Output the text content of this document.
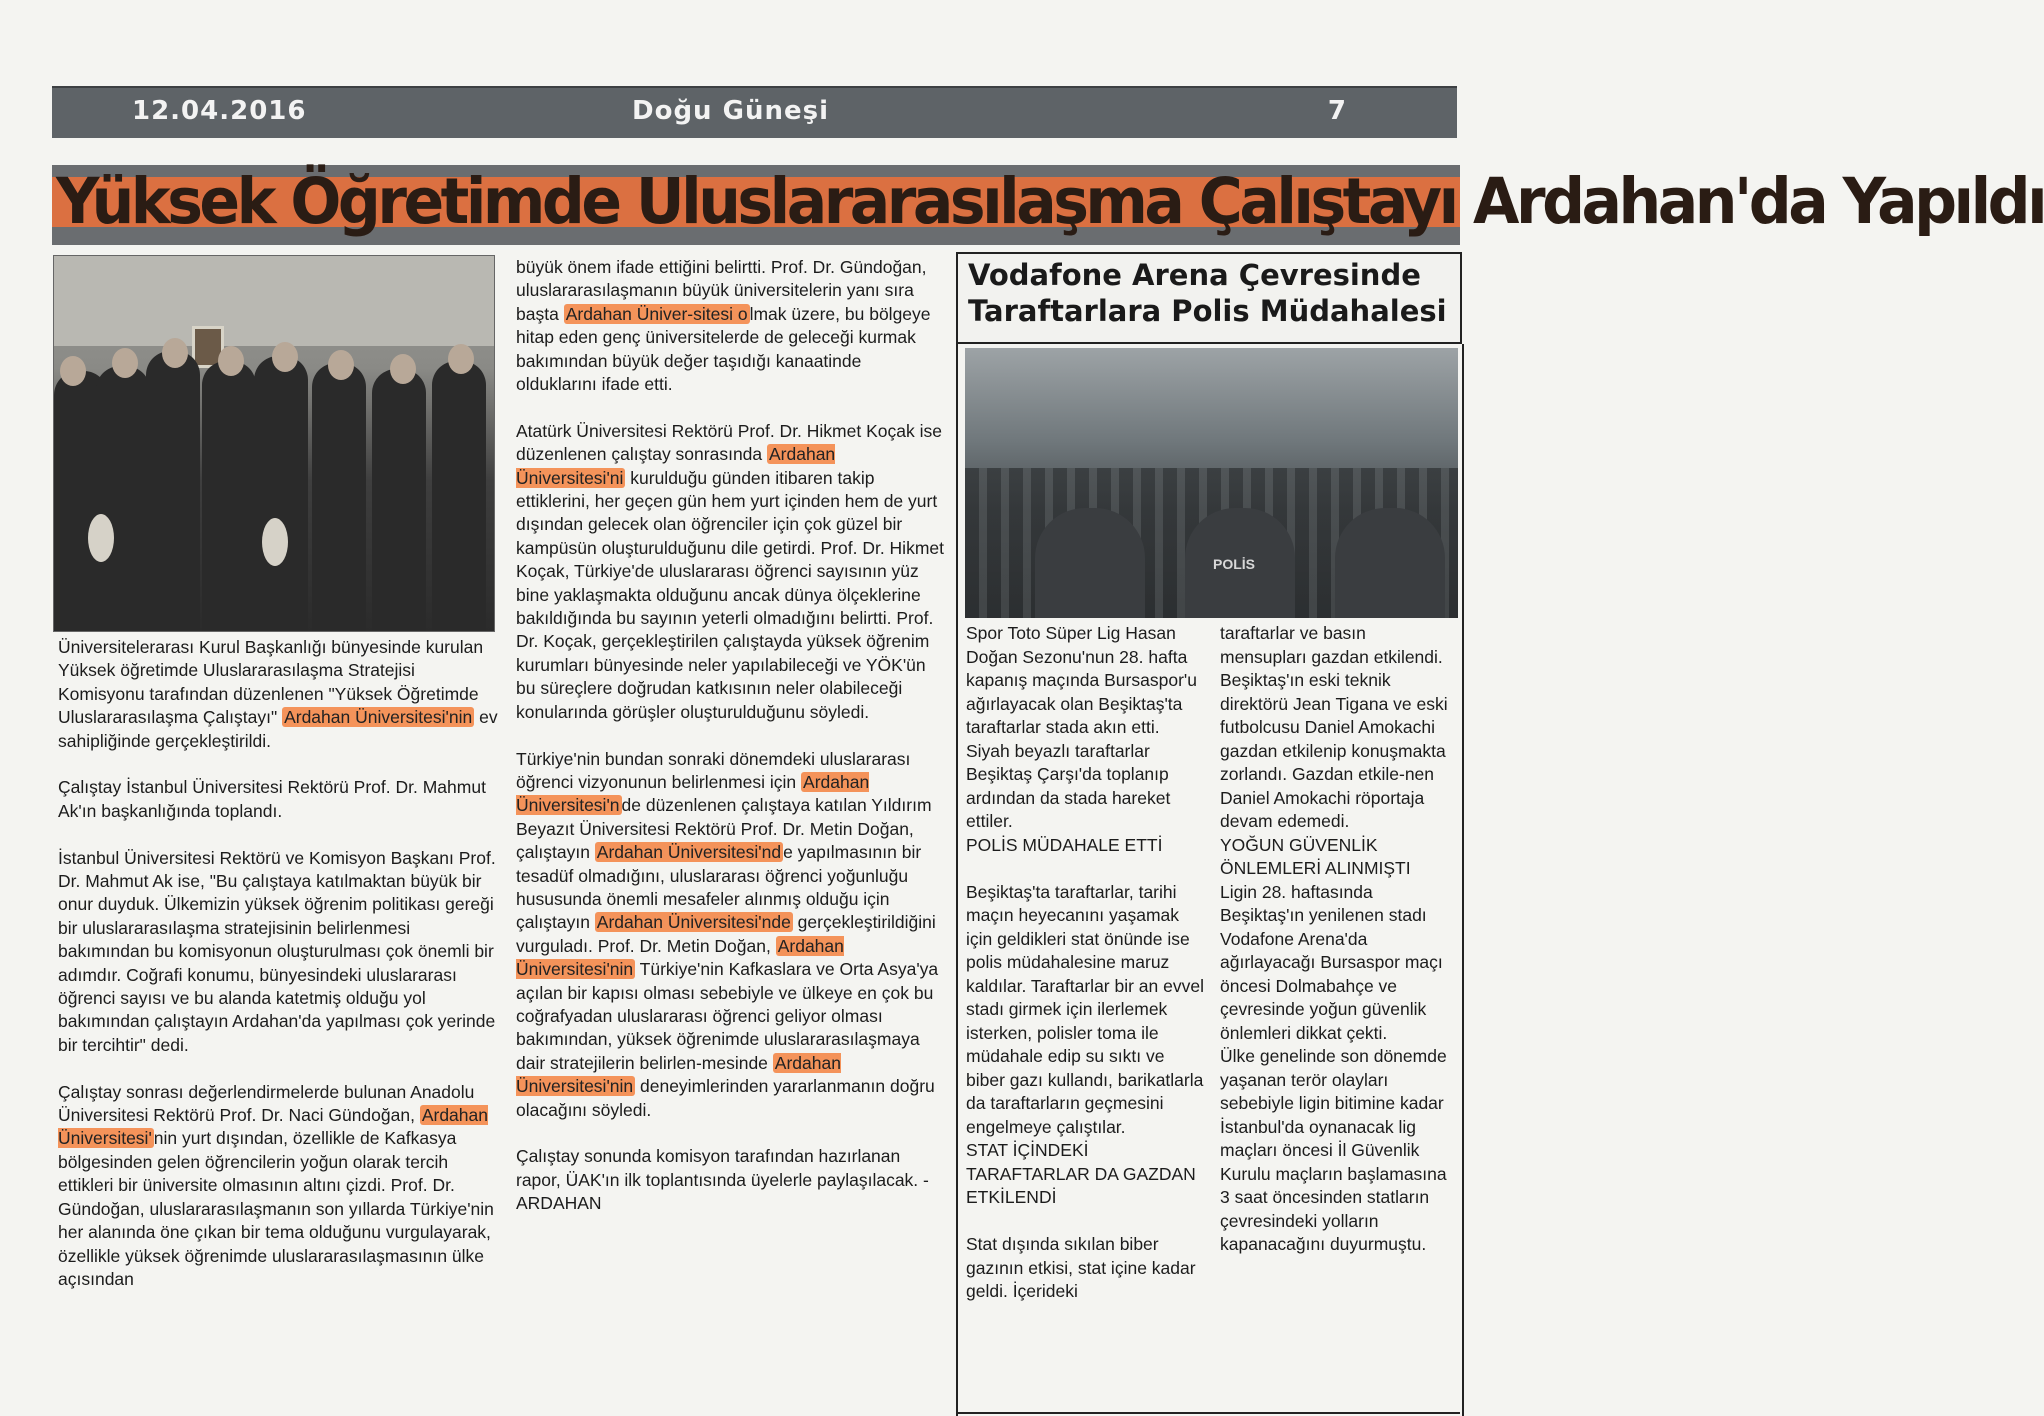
12.04.2016	Doğu Güneşi	7
Yüksek Öğretimde Uluslararasılaşma Çalıştayı Ardahan'da Yapıldı

Üniversitelerarası Kurul Başkanlığı bünyesinde kurulan Yüksek öğretimde Uluslararasılaşma Stratejisi Komisyonu tarafından düzenlenen "Yüksek Öğretimde Uluslararasılaşma Çalıştayı" Ardahan Üniversitesi'nin ev sahipliğinde gerçekleştirildi.

Çalıştay İstanbul Üniversitesi Rektörü Prof. Dr. Mahmut Ak'ın başkanlığında toplandı.

İstanbul Üniversitesi Rektörü ve Komisyon Başkanı Prof. Dr. Mahmut Ak ise, "Bu çalıştaya katılmaktan büyük bir onur duyduk. Ülkemizin yüksek öğrenim politikası gereği bir uluslararasılaşma stratejisinin belirlenmesi bakımından bu komisyonun oluşturulması çok önemli bir adımdır. Coğrafi konumu, bünyesindeki uluslararası öğrenci sayısı ve bu alanda katetmiş olduğu yol bakımından çalıştayın Ardahan'da yapılması çok yerinde bir tercihtir" dedi.

Çalıştay sonrası değerlendirmelerde bulunan Anadolu Üniversitesi Rektörü Prof. Dr. Naci Gündoğan, Ardahan Üniversitesi' nin yurt dışından, özellikle de Kafkasya bölgesinden gelen öğrencilerin yoğun olarak tercih ettikleri bir üniversite olmasının altını çizdi. Prof. Dr. Gündoğan, uluslararasılaşmanın son yıllarda Türkiye'nin her alanında öne çıkan bir tema olduğunu vurgulayarak, özellikle yüksek öğrenimde uluslararasılaşmasının ülke açısından

büyük önem ifade ettiğini belirtti. Prof. Dr. Gündoğan, uluslararasılaşmanın büyük üniversitelerin yanı sıra başta Ardahan Üniver-sitesi o lmak üzere, bu bölgeye hitap eden genç üniversitelerde de geleceği kurmak bakımından büyük değer taşıdığı kanaatinde olduklarını ifade etti.

Atatürk Üniversitesi Rektörü Prof. Dr. Hikmet Koçak ise düzenlenen çalıştay sonrasında Ardahan Üniversitesi'ni kurulduğu günden itibaren takip ettiklerini, her geçen gün hem yurt içinden hem de yurt dışından gelecek olan öğrenciler için çok güzel bir kampüsün oluşturulduğunu dile getirdi. Prof. Dr. Hikmet Koçak, Türkiye'de uluslararası öğrenci sayısının yüz bine yaklaşmakta olduğunu ancak dünya ölçeklerine bakıldığında bu sayının yeterli olmadığını belirtti. Prof. Dr. Koçak, gerçekleştirilen çalıştayda yüksek öğrenim kurumları bünyesinde neler yapılabileceği ve YÖK'ün bu süreçlere doğrudan katkısının neler olabileceği konularında görüşler oluşturulduğunu söyledi.

Türkiye'nin bundan sonraki dönemdeki uluslararası öğrenci vizyonunun belirlenmesi için Ardahan Üniversitesi'n de düzenlenen çalıştaya katılan Yıldırım Beyazıt Üniversitesi Rektörü Prof. Dr. Metin Doğan, çalıştayın Ardahan Üniversitesi'nd e yapılmasının bir tesadüf olmadığını, uluslararası öğrenci yoğunluğu hususunda önemli mesafeler alınmış olduğu için çalıştayın Ardahan Üniversitesi'nde gerçekleştirildiğini vurguladı. Prof. Dr. Metin Doğan, Ardahan Üniversitesi'nin Türkiye'nin Kafkaslara ve Orta Asya'ya açılan bir kapısı olması sebebiyle ve ülkeye en çok bu coğrafyadan uluslararası öğrenci geliyor olması bakımından, yüksek öğrenimde uluslararasılaşmaya dair stratejilerin belirlen-mesinde Ardahan Üniversitesi'nin deneyimlerinden yararlanmanın doğru olacağını söyledi.

Çalıştay sonunda komisyon tarafından hazırlanan rapor, ÜAK'ın ilk toplantısında üyelerle paylaşılacak. - ARDAHAN

Vodafone Arena Çevresinde
Taraftarlara Polis Müdahalesi
POLİS

Spor Toto Süper Lig Hasan Doğan Sezonu'nun 28. hafta kapanış maçında Bursaspor'u ağırlayacak olan Beşiktaş'ta taraftarlar stada akın etti. Siyah beyazlı taraftarlar Beşiktaş Çarşı'da toplanıp ardından da stada hareket ettiler.

POLİS MÜDAHALE ETTİ

Beşiktaş'ta taraftarlar, tarihi maçın heyecanını yaşamak için geldikleri stat önünde ise polis müdahalesine maruz kaldılar. Taraftarlar bir an evvel stadı girmek için ilerlemek isterken, polisler toma ile müdahale edip su sıktı ve biber gazı kullandı, barikatlarla da taraftarların geçmesini engelmeye çalıştılar.

STAT İÇİNDEKİ TARAFTARLAR DA GAZDAN ETKİLENDİ

Stat dışında sıkılan biber gazının etkisi, stat içine kadar geldi. İçerideki

taraftarlar ve basın mensupları gazdan etkilendi.

Beşiktaş'ın eski teknik direktörü Jean Tigana ve eski futbolcusu Daniel Amokachi gazdan etkilenip konuşmakta zorlandı. Gazdan etkile-nen Daniel Amokachi röportaja devam edemedi.

YOĞUN GÜVENLİK ÖNLEMLERİ ALINMIŞTI

Ligin 28. haftasında Beşiktaş'ın yenilenen stadı Vodafone Arena'da ağırlayacağı Bursaspor maçı öncesi Dolmabahçe ve çevresinde yoğun güvenlik önlemleri dikkat çekti.

Ülke genelinde son dönemde yaşanan terör olayları sebebiyle ligin bitimine kadar İstanbul'da oynanacak lig maçları öncesi İl Güvenlik Kurulu maçların başlamasına 3 saat öncesinden statların çevresindeki yolların kapanacağını duyurmuştu.
